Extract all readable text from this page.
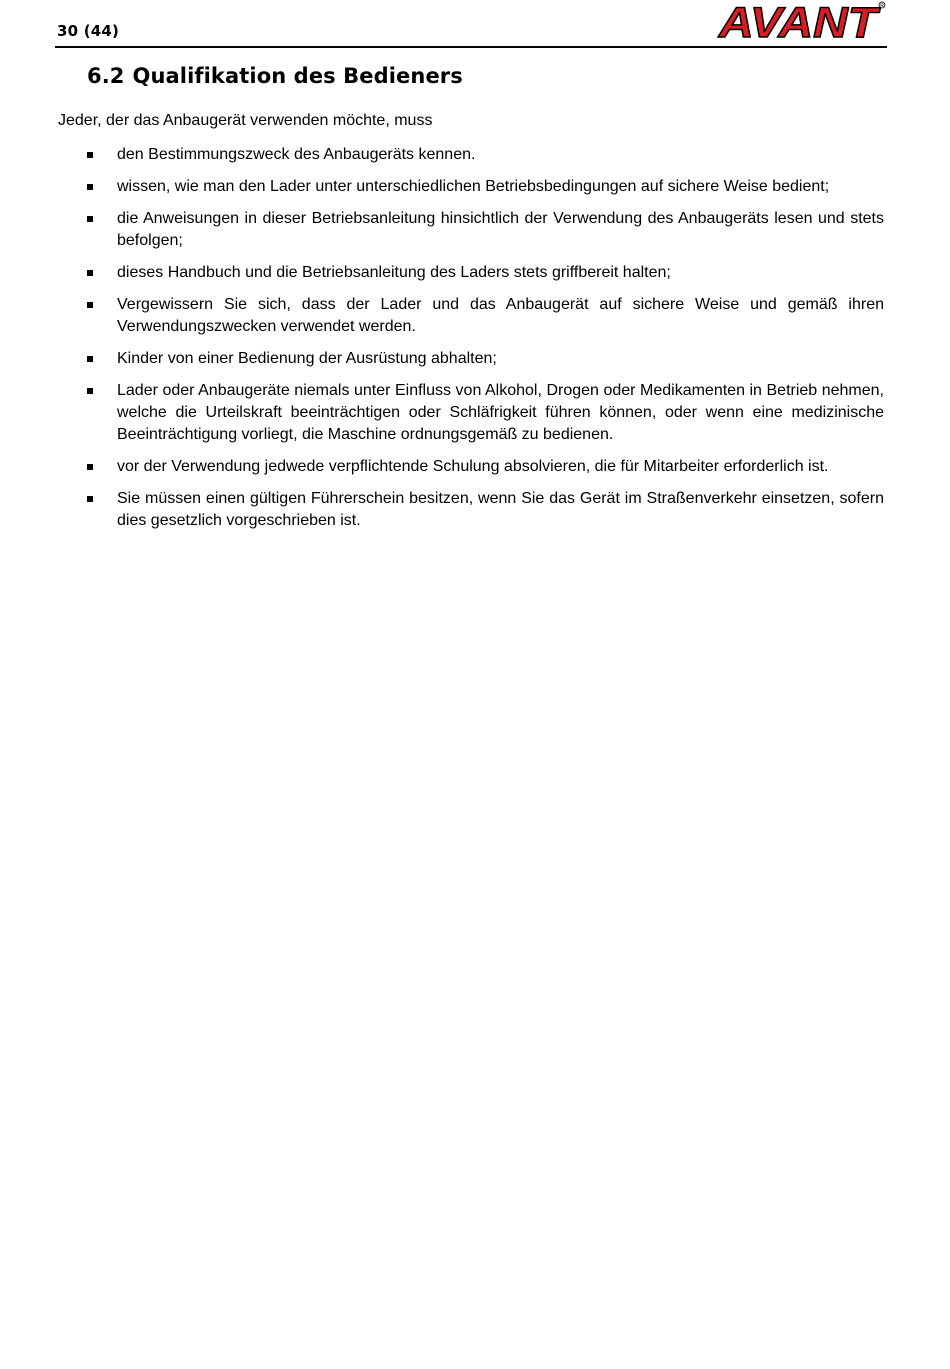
30 (44)	AVANT R
6.2 Qualifikation des Bedieners

Jeder, der das Anbaugerät verwenden möchte, muss

den Bestimmungszweck des Anbaugeräts kennen.
wissen, wie man den Lader unter unterschiedlichen Betriebsbedingungen auf sichere Weise bedient;
die Anweisungen in dieser Betriebsanleitung hinsichtlich der Verwendung des Anbaugeräts lesen und stets befolgen;
dieses Handbuch und die Betriebsanleitung des Laders stets griffbereit halten;
Vergewissern Sie sich, dass der Lader und das Anbaugerät auf sichere Weise und gemäß ihren Verwendungszwecken verwendet werden.
Kinder von einer Bedienung der Ausrüstung abhalten;
Lader oder Anbaugeräte niemals unter Einfluss von Alkohol, Drogen oder Medikamenten in Betrieb nehmen, welche die Urteilskraft beeinträchtigen oder Schläfrigkeit führen können, oder wenn eine medizinische Beeinträchtigung vorliegt, die Maschine ordnungsgemäß zu bedienen.
vor der Verwendung jedwede verpflichtende Schulung absolvieren, die für Mitarbeiter erforderlich ist.
Sie müssen einen gültigen Führerschein besitzen, wenn Sie das Gerät im Straßenverkehr einsetzen, sofern dies gesetzlich vorgeschrieben ist.
